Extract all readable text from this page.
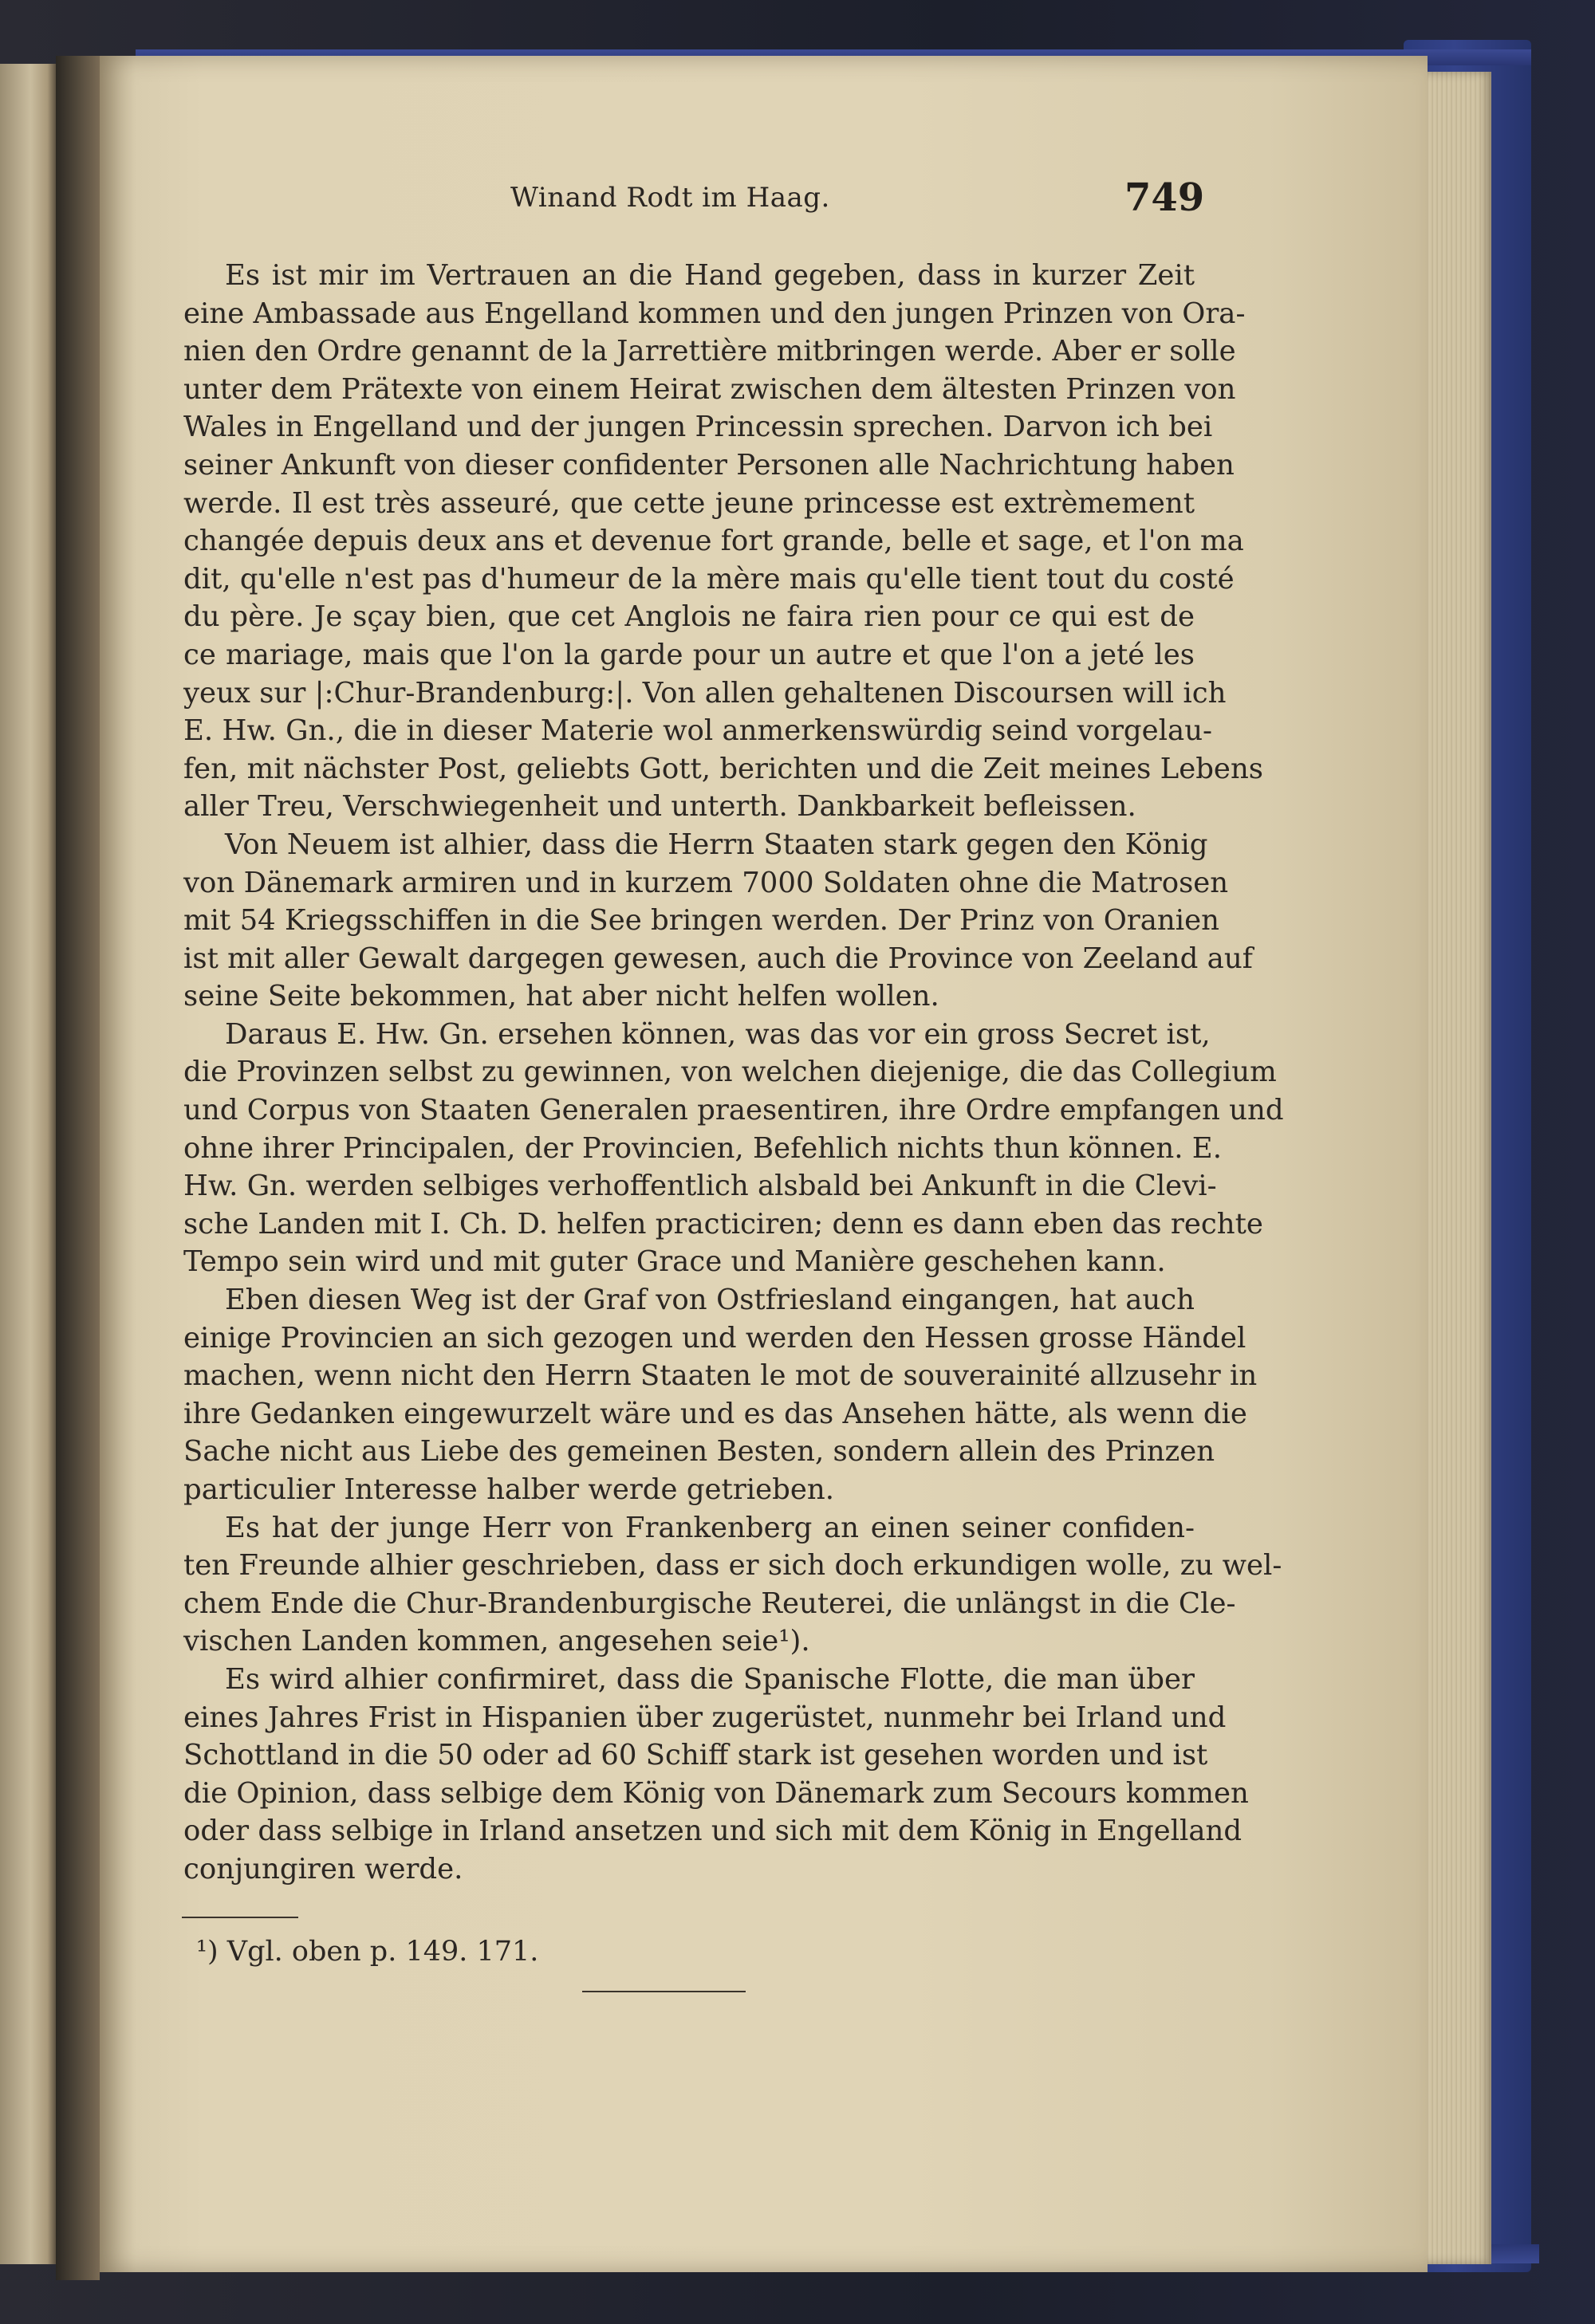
Winand Rodt im Haag.	749
Es ist mir im Vertrauen an die Hand gegeben, dass in kurzer Zeit
eine Ambassade aus Engelland kommen und den jungen Prinzen von Ora-
nien den Ordre genannt de la Jarrettière mitbringen werde. Aber er solle
unter dem Prätexte von einem Heirat zwischen dem ältesten Prinzen von
Wales in Engelland und der jungen Princessin sprechen. Darvon ich bei
seiner Ankunft von dieser confidenter Personen alle Nachrichtung haben
werde. Il est très asseuré, que cette jeune princesse est extrèmement
changée depuis deux ans et devenue fort grande, belle et sage, et l'on ma
dit, qu'elle n'est pas d'humeur de la mère mais qu'elle tient tout du costé
du père. Je sçay bien, que cet Anglois ne faira rien pour ce qui est de
ce mariage, mais que l'on la garde pour un autre et que l'on a jeté les
yeux sur |:Chur-Brandenburg:|. Von allen gehaltenen Discoursen will ich
E. Hw. Gn., die in dieser Materie wol anmerkenswürdig seind vorgelau-
fen, mit nächster Post, geliebts Gott, berichten und die Zeit meines Lebens
aller Treu, Verschwiegenheit und unterth. Dankbarkeit befleissen.
Von Neuem ist alhier, dass die Herrn Staaten stark gegen den König
von Dänemark armiren und in kurzem 7000 Soldaten ohne die Matrosen
mit 54 Kriegsschiffen in die See bringen werden. Der Prinz von Oranien
ist mit aller Gewalt dargegen gewesen, auch die Province von Zeeland auf
seine Seite bekommen, hat aber nicht helfen wollen.
Daraus E. Hw. Gn. ersehen können, was das vor ein gross Secret ist,
die Provinzen selbst zu gewinnen, von welchen diejenige, die das Collegium
und Corpus von Staaten Generalen praesentiren, ihre Ordre empfangen und
ohne ihrer Principalen, der Provincien, Befehlich nichts thun können. E.
Hw. Gn. werden selbiges verhoffentlich alsbald bei Ankunft in die Clevi-
sche Landen mit I. Ch. D. helfen practiciren; denn es dann eben das rechte
Tempo sein wird und mit guter Grace und Manière geschehen kann.
Eben diesen Weg ist der Graf von Ostfriesland eingangen, hat auch
einige Provincien an sich gezogen und werden den Hessen grosse Händel
machen, wenn nicht den Herrn Staaten le mot de souverainité allzusehr in
ihre Gedanken eingewurzelt wäre und es das Ansehen hätte, als wenn die
Sache nicht aus Liebe des gemeinen Besten, sondern allein des Prinzen
particulier Interesse halber werde getrieben.
Es hat der junge Herr von Frankenberg an einen seiner confiden-
ten Freunde alhier geschrieben, dass er sich doch erkundigen wolle, zu wel-
chem Ende die Chur-Brandenburgische Reuterei, die unlängst in die Cle-
vischen Landen kommen, angesehen seie¹).
Es wird alhier confirmiret, dass die Spanische Flotte, die man über
eines Jahres Frist in Hispanien über zugerüstet, nunmehr bei Irland und
Schottland in die 50 oder ad 60 Schiff stark ist gesehen worden und ist
die Opinion, dass selbige dem König von Dänemark zum Secours kommen
oder dass selbige in Irland ansetzen und sich mit dem König in Engelland
conjungiren werde.
¹) Vgl. oben p. 149. 171.
